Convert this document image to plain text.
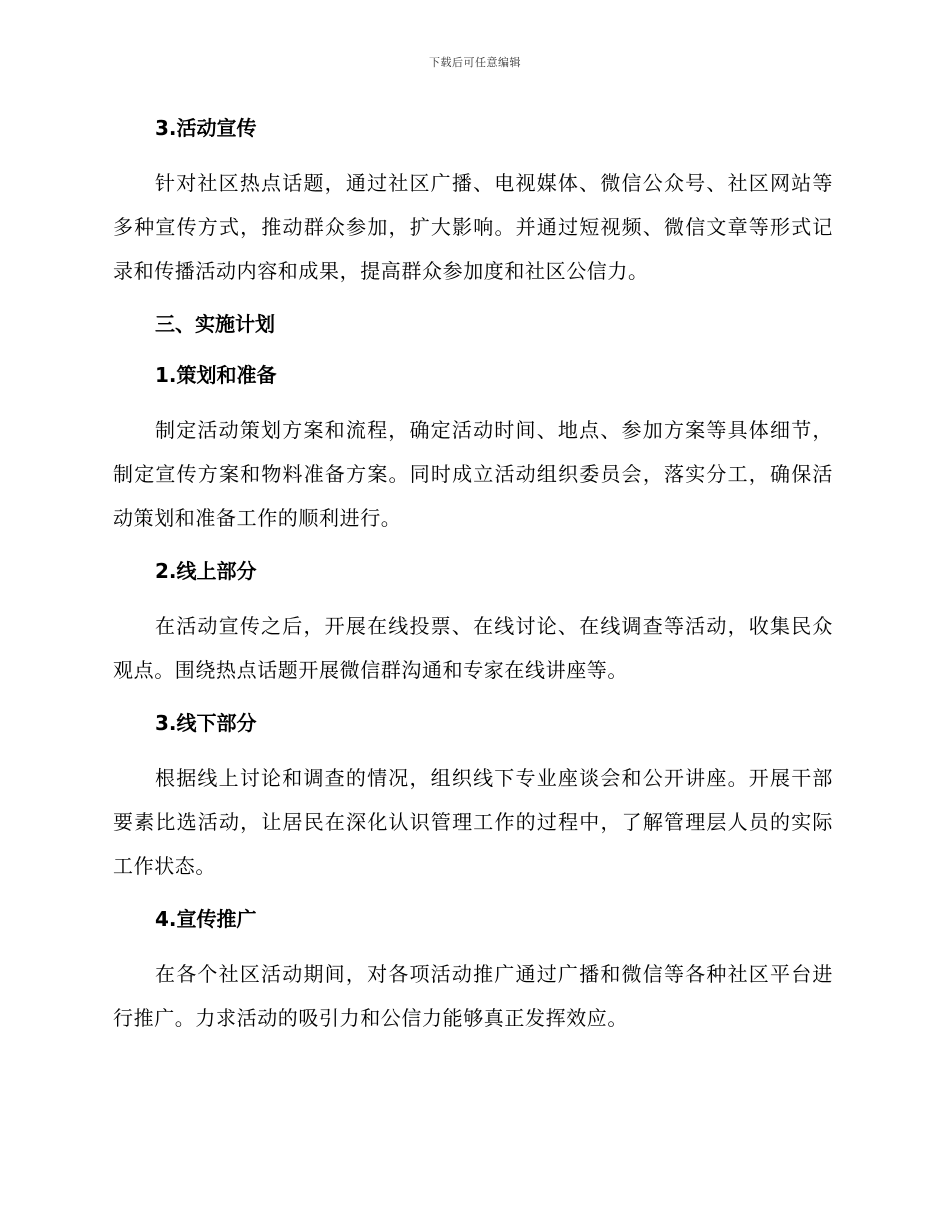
下载后可任意编辑

3.活动宣传

针对社区热点话题，通过社区广播、电视媒体、微信公众号、社区网站等多种宣传方式，推动群众参加，扩大影响。并通过短视频、微信文章等形式记录和传播活动内容和成果，提高群众参加度和社区公信力。

三、实施计划

1.策划和准备

制定活动策划方案和流程，确定活动时间、地点、参加方案等具体细节，制定宣传方案和物料准备方案。同时成立活动组织委员会，落实分工，确保活动策划和准备工作的顺利进行。

2.线上部分

在活动宣传之后，开展在线投票、在线讨论、在线调查等活动，收集民众观点。围绕热点话题开展微信群沟通和专家在线讲座等。

3.线下部分

根据线上讨论和调查的情况，组织线下专业座谈会和公开讲座。开展干部要素比选活动，让居民在深化认识管理工作的过程中，了解管理层人员的实际工作状态。

4.宣传推广

在各个社区活动期间，对各项活动推广通过广播和微信等各种社区平台进行推广。力求活动的吸引力和公信力能够真正发挥效应。
